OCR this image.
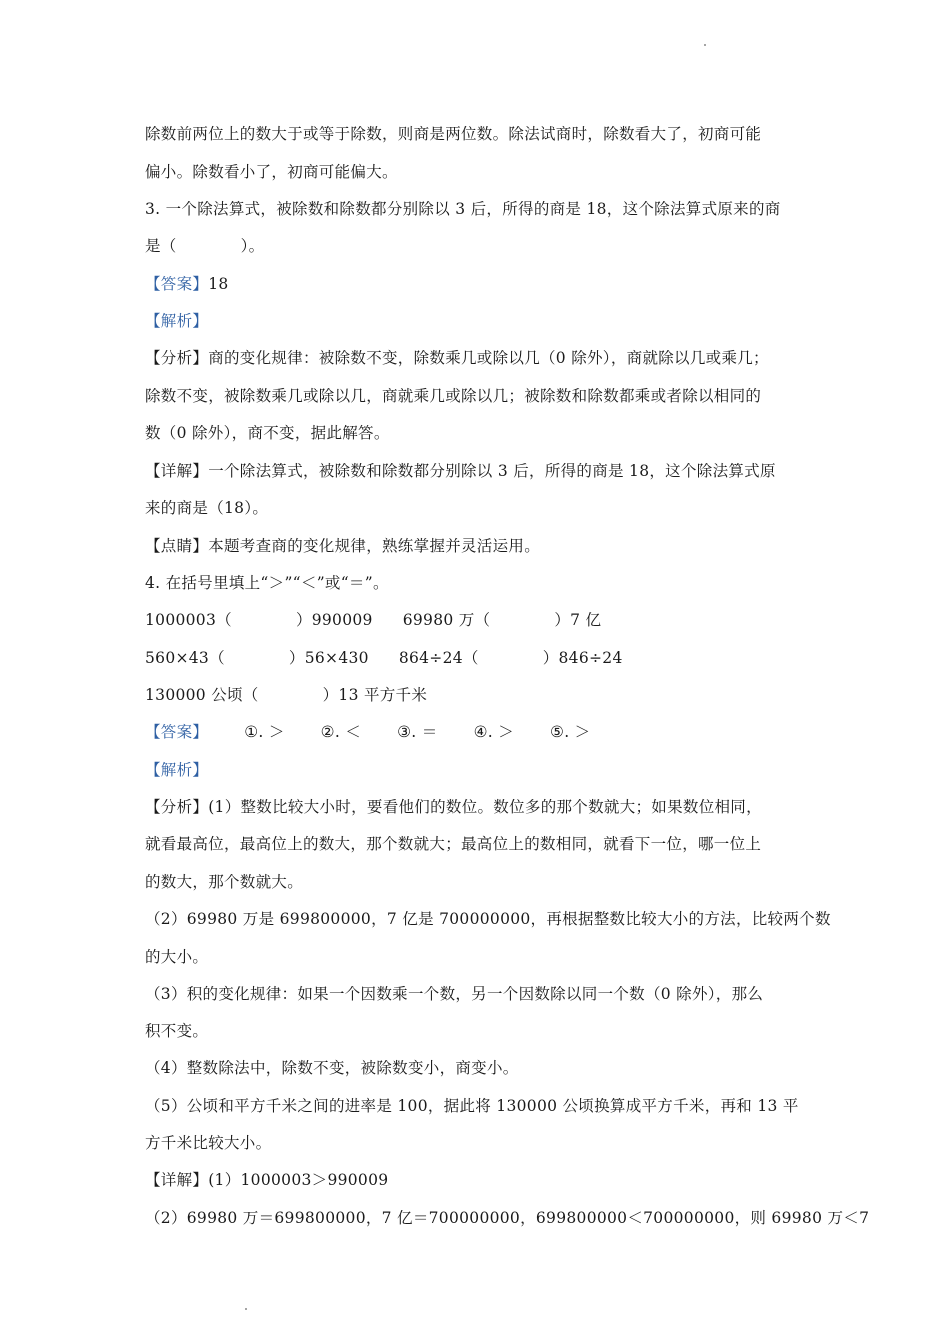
除数前两位上的数大于或等于除数，则商是两位数。除法试商时，除数看大了，初商可能
偏小。除数看小了，初商可能偏大。
3. 一个除法算式，被除数和除数都分别除以 3 后，所得的商是 18，这个除法算式原来的商
是（	）。
【答案】18
【解析】
【分析】商的变化规律：被除数不变，除数乘几或除以几（0 除外），商就除以几或乘几；
除数不变，被除数乘几或除以几，商就乘几或除以几；被除数和除数都乘或者除以相同的
数（0 除外），商不变，据此解答。
【详解】一个除法算式，被除数和除数都分别除以 3 后，所得的商是 18，这个除法算式原
来的商是（18）。
【点睛】本题考查商的变化规律，熟练掌握并灵活运用。
4. 在括号里填上“＞”“＜”或“＝”。
1000003（	）990009 69980 万（	）7 亿
560×43（	）56×430 864÷24（	）846÷24
130000 公顷（	）13 平方千米
【答案】 ①. ＞ ②. ＜ ③. ＝ ④. ＞ ⑤. ＞
【解析】
【分析】(1）整数比较大小时，要看他们的数位。数位多的那个数就大；如果数位相同，
就看最高位，最高位上的数大，那个数就大；最高位上的数相同，就看下一位，哪一位上
的数大，那个数就大。
（2）69980 万是 699800000，7 亿是 700000000，再根据整数比较大小的方法，比较两个数
的大小。
（3）积的变化规律：如果一个因数乘一个数，另一个因数除以同一个数（0 除外），那么
积不变。
（4）整数除法中，除数不变，被除数变小，商变小。
（5）公顷和平方千米之间的进率是 100，据此将 130000 公顷换算成平方千米，再和 13 平
方千米比较大小。
【详解】(1）1000003＞990009
（2）69980 万＝699800000，7 亿＝700000000，699800000＜700000000，则 69980 万＜7
